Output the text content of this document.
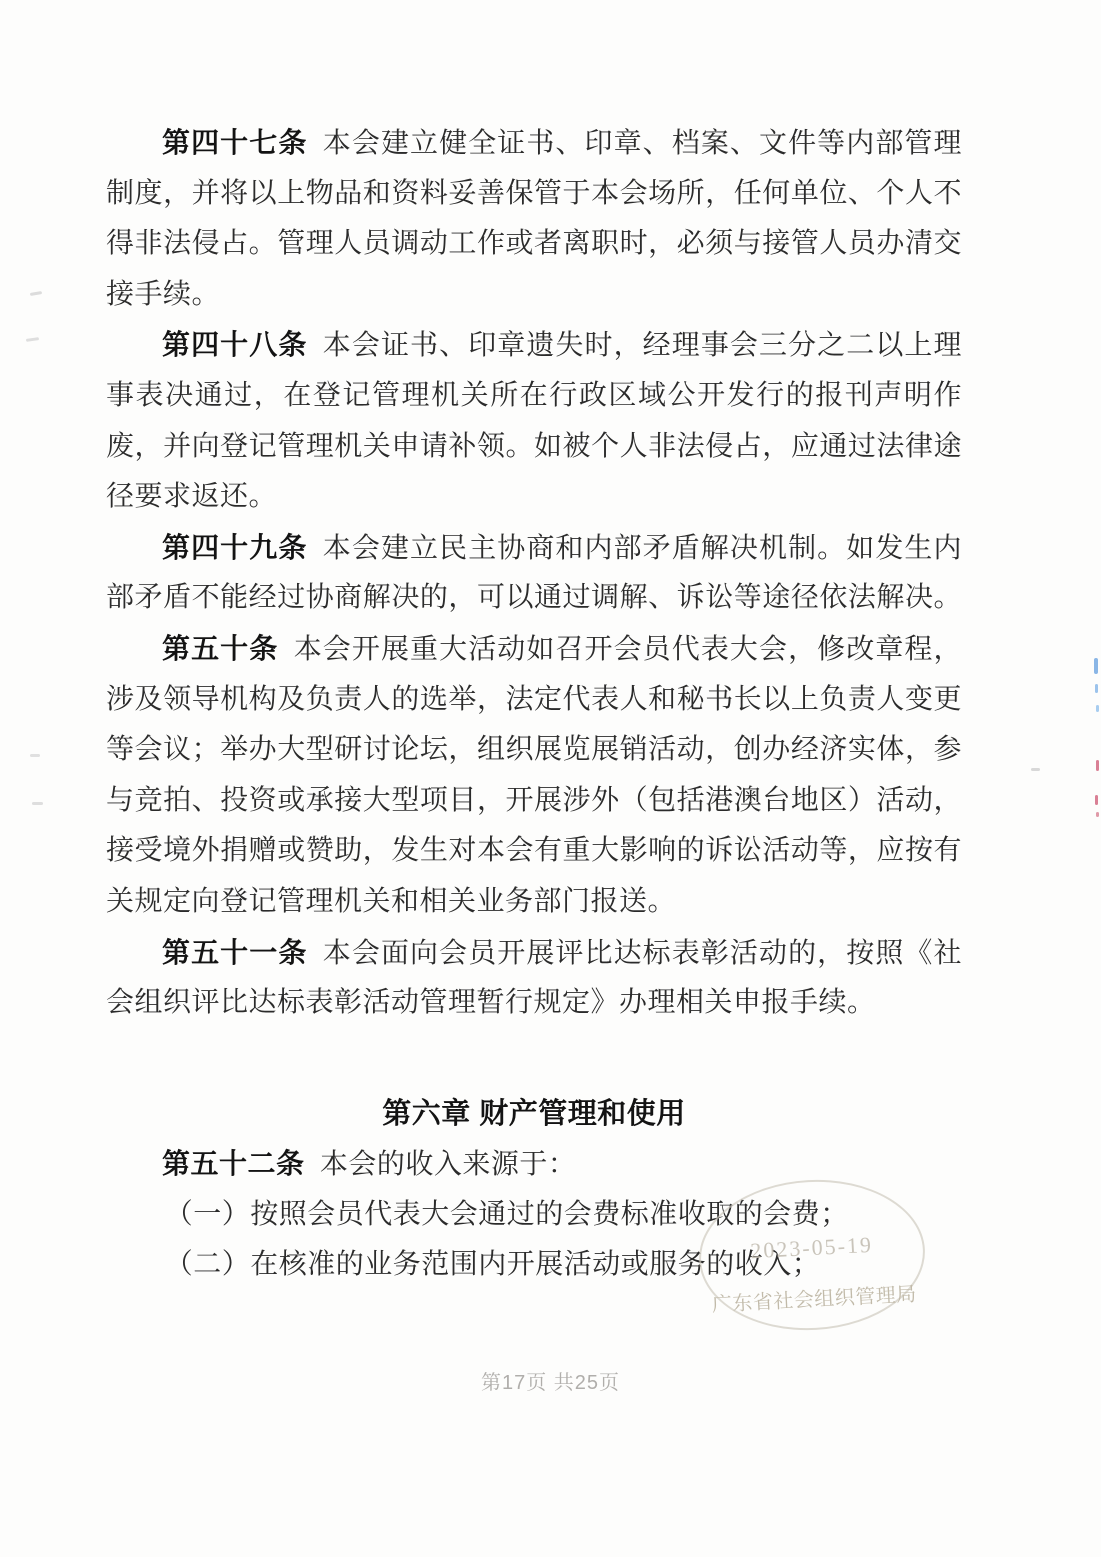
第四十七条 本会建立健全证书、印章、档案、文件等内部管理
制度，并将以上物品和资料妥善保管于本会场所，任何单位、个人不
得非法侵占。管理人员调动工作或者离职时，必须与接管人员办清交
接手续。
第四十八条 本会证书、印章遗失时，经理事会三分之二以上理
事表决通过，在登记管理机关所在行政区域公开发行的报刊声明作
废，并向登记管理机关申请补领。如被个人非法侵占，应通过法律途
径要求返还。
第四十九条 本会建立民主协商和内部矛盾解决机制。如发生内
部矛盾不能经过协商解决的，可以通过调解、诉讼等途径依法解决。
第五十条 本会开展重大活动如召开会员代表大会，修改章程，
涉及领导机构及负责人的选举，法定代表人和秘书长以上负责人变更
等会议；举办大型研讨论坛，组织展览展销活动，创办经济实体，参
与竞拍、投资或承接大型项目，开展涉外（包括港澳台地区）活动，
接受境外捐赠或赞助，发生对本会有重大影响的诉讼活动等，应按有
关规定向登记管理机关和相关业务部门报送。
第五十一条 本会面向会员开展评比达标表彰活动的，按照《社
会组织评比达标表彰活动管理暂行规定》办理相关申报手续。
第六章 财产管理和使用
第五十二条 本会的收入来源于：
（一）按照会员代表大会通过的会费标准收取的会费；
（二）在核准的业务范围内开展活动或服务的收入；
2023-05-19
广东省社会组织管理局
第17页 共25页
